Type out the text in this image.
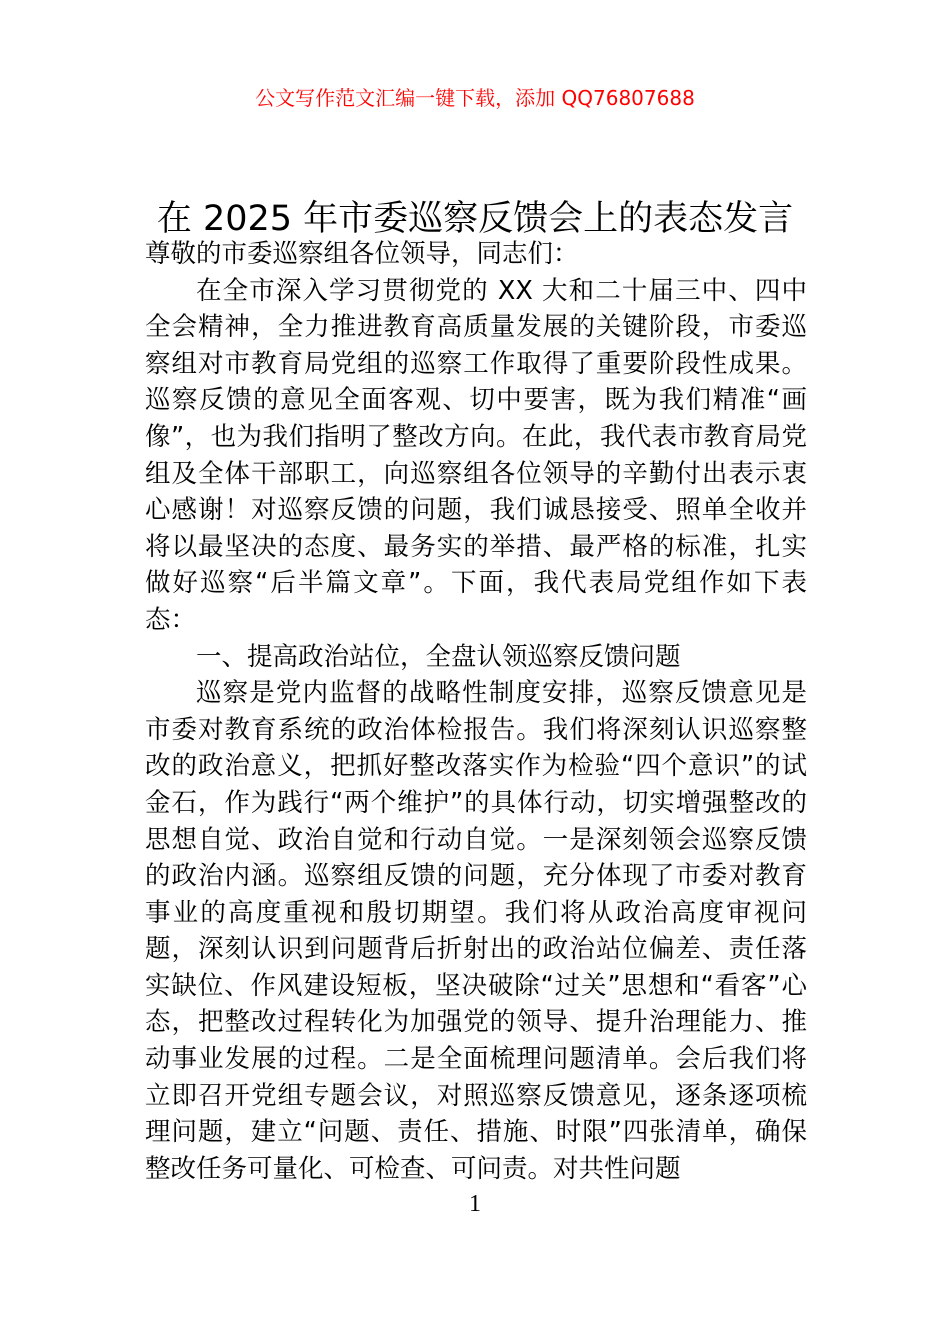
公文写作范文汇编一键下载，添加 QQ76807688
在 2025 年市委巡察反馈会上的表态发言

尊敬的市委巡察组各位领导，同志们：

在全市深入学习贯彻党的 XX 大和二十届三中、四中全会精神，全力推进教育高质量发展的关键阶段，市委巡察组对市教育局党组的巡察工作取得了重要阶段性成果。巡察反馈的意见全面客观、切中要害，既为我们精准“画像”，也为我们指明了整改方向。在此，我代表市教育局党组及全体干部职工，向巡察组各位领导的辛勤付出表示衷心感谢！对巡察反馈的问题，我们诚恳接受、照单全收并将以最坚决的态度、最务实的举措、最严格的标准，扎实做好巡察“后半篇文章”。下面，我代表局党组作如下表态：

一、提高政治站位，全盘认领巡察反馈问题

巡察是党内监督的战略性制度安排，巡察反馈意见是市委对教育系统的政治体检报告。我们将深刻认识巡察整改的政治意义，把抓好整改落实作为检验“四个意识”的试金石，作为践行“两个维护”的具体行动，切实增强整改的思想自觉、政治自觉和行动自觉。一是深刻领会巡察反馈的政治内涵。巡察组反馈的问题，充分体现了市委对教育事业的高度重视和殷切期望。我们将从政治高度审视问题，深刻认识到问题背后折射出的政治站位偏差、责任落实缺位、作风建设短板，坚决破除“过关”思想和“看客”心态，把整改过程转化为加强党的领导、提升治理能力、推动事业发展的过程。二是全面梳理问题清单。会后我们将立即召开党组专题会议，对照巡察反馈意见，逐条逐项梳理问题，建立“问题、责任、措施、时限”四张清单，确保整改任务可量化、可检查、可问责。对共性问题

1
